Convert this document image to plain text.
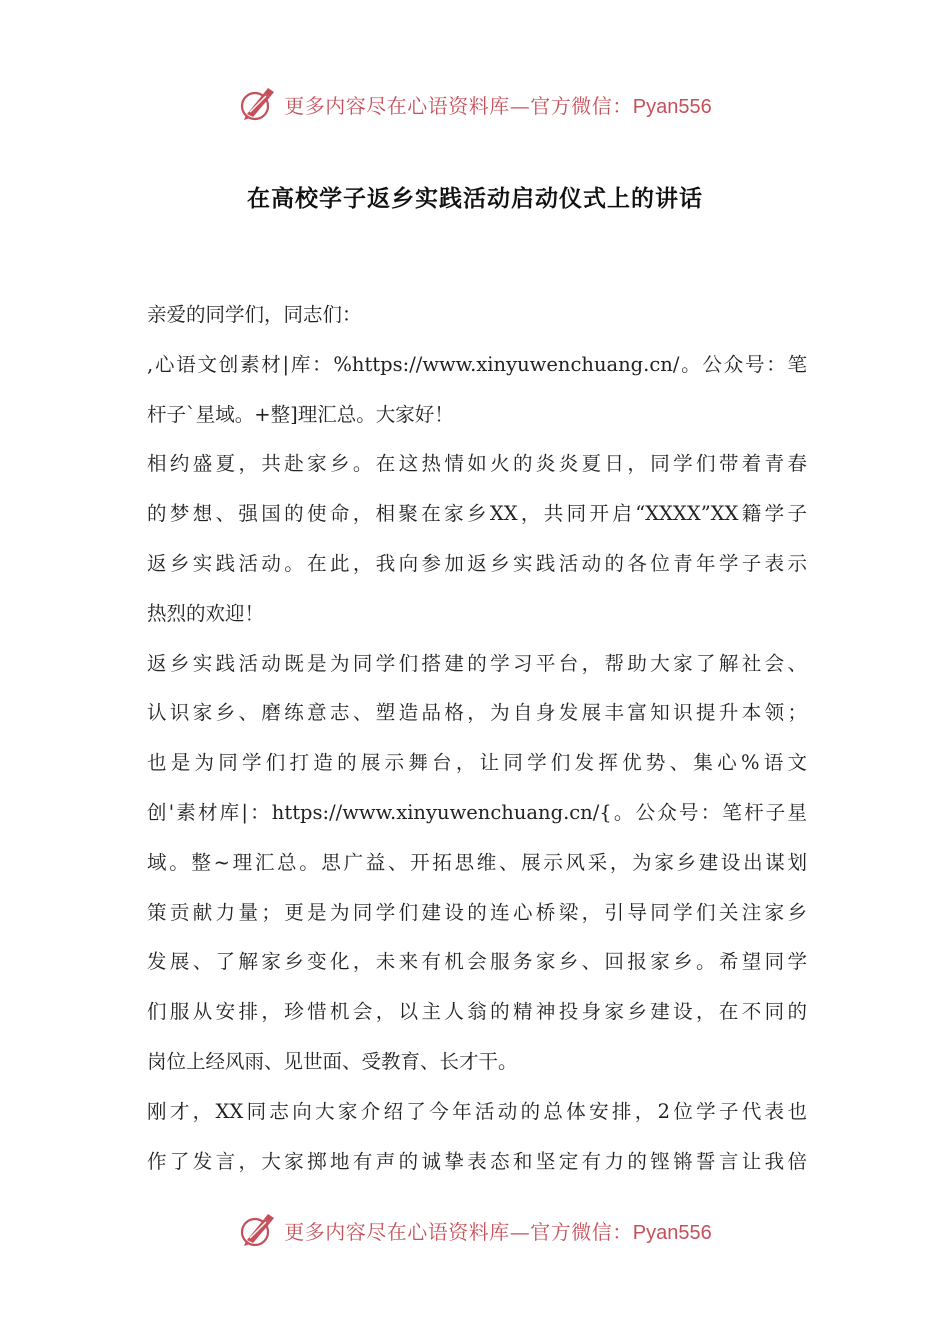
更多内容尽在心语资料库—官方微信：Pyan556
在高校学子返乡实践活动启动仪式上的讲话
亲爱的同学们，同志们：
,心语文创素材|库：%https://www.xinyuwenchuang.cn/。公众号：笔
杆子`星域。+整]理汇总。大家好！
相约盛夏，共赴家乡。在这热情如火的炎炎夏日，同学们带着青春
的梦想、强国的使命，相聚在家乡XX，共同开启“XXXX”XX籍学子
返乡实践活动。在此，我向参加返乡实践活动的各位青年学子表示
热烈的欢迎！
返乡实践活动既是为同学们搭建的学习平台，帮助大家了解社会、
认识家乡、磨练意志、塑造品格，为自身发展丰富知识提升本领；
也是为同学们打造的展示舞台，让同学们发挥优势、集心%语文
创'素材库|：https://www.xinyuwenchuang.cn/{。公众号：笔杆子星
域。整~理汇总。思广益、开拓思维、展示风采，为家乡建设出谋划
策贡献力量；更是为同学们建设的连心桥梁，引导同学们关注家乡
发展、了解家乡变化，未来有机会服务家乡、回报家乡。希望同学
们服从安排，珍惜机会，以主人翁的精神投身家乡建设，在不同的
岗位上经风雨、见世面、受教育、长才干。
刚才，XX同志向大家介绍了今年活动的总体安排，2位学子代表也
作了发言，大家掷地有声的诚挚表态和坚定有力的铿锵誓言让我倍
更多内容尽在心语资料库—官方微信：Pyan556
